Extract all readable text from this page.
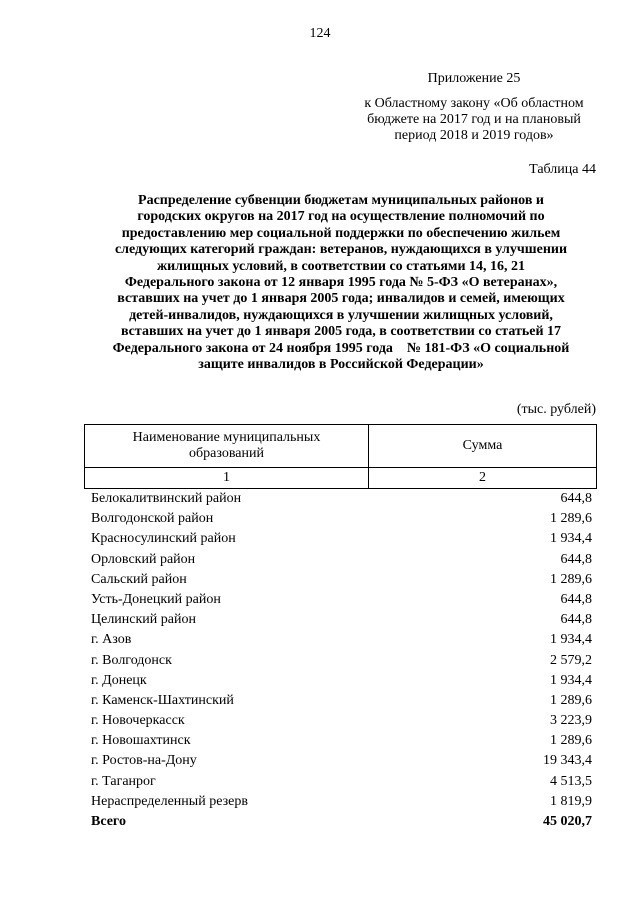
124
Приложение 25
к Областному закону «Об областном
бюджете на 2017 год и на плановый
период 2018 и 2019 годов»
Таблица 44
Распределение субвенции бюджетам муниципальных районов и
городских округов на 2017 год на осуществление полномочий по
предоставлению мер социальной поддержки по обеспечению жильем
следующих категорий граждан: ветеранов, нуждающихся в улучшении
жилищных условий, в соответствии со статьями 14, 16, 21
Федерального закона от 12 января 1995 года № 5-ФЗ «О ветеранах»,
вставших на учет до 1 января 2005 года; инвалидов и семей, имеющих
детей-инвалидов, нуждающихся в улучшении жилищных условий,
вставших на учет до 1 января 2005 года, в соответствии со статьей 17
Федерального закона от 24 ноября 1995 года    № 181-ФЗ «О социальной
защите инвалидов в Российской Федерации»
(тыс. рублей)
Наименование муниципальных
образований	Сумма
1	2
Белокалитвинский район	644,8
Волгодонской район	1 289,6
Красносулинский район	1 934,4
Орловский район	644,8
Сальский район	1 289,6
Усть-Донецкий район	644,8
Целинский район	644,8
г. Азов	1 934,4
г. Волгодонск	2 579,2
г. Донецк	1 934,4
г. Каменск-Шахтинский	1 289,6
г. Новочеркасск	3 223,9
г. Новошахтинск	1 289,6
г. Ростов-на-Дону	19 343,4
г. Таганрог	4 513,5
Нераспределенный резерв	1 819,9
Всего	45 020,7
